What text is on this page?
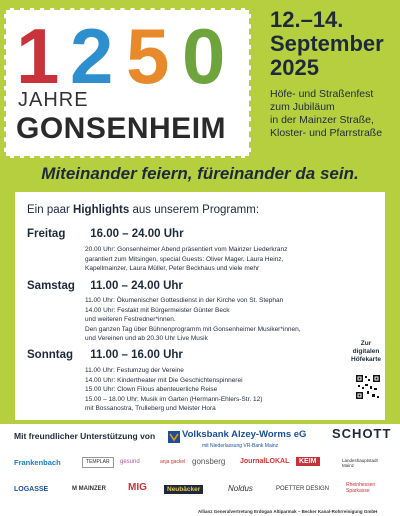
1 2 5 0
JAHRE
GONSENHEIM
12.–14.
September
2025
Höfe- und Straßenfest
zum Jubiläum
in der Mainzer Straße,
Kloster- und Pfarrstraße
Miteinander feiern, füreinander da sein.
Ein paar Highlights aus unserem Programm:
Freitag 16.00 – 24.00 Uhr
20.00 Uhr: Gonsenheimer Abend präsentiert vom Mainzer Liederkranz
garantiert zum Mitsingen, special Guests: Oliver Mager, Laura Heinz,
Kapellmainzer, Laura Müller, Peter Beckhaus und viele mehr
Samstag 11.00 – 24.00 Uhr
11.00 Uhr: Ökumenischer Gottesdienst in der Kirche von St. Stephan
14.00 Uhr: Festakt mit Bürgermeister Günter Beck
und weiteren Festredner*innen.
Den ganzen Tag über Bühnenprogramm mit Gonsenheimer Musiker*innen,
und Vereinen und ab 20.30 Uhr Live Musik
Sonntag 11.00 – 16.00 Uhr
11.00 Uhr: Festumzug der Vereine
14.00 Uhr: Kindertheater mit Die Geschichtenspinnerei
15.00 Uhr: Clown Filous abenteuerliche Reise
15.00 – 18.00 Uhr: Musik im Garten (Hermann-Ehlers-Str. 12)
mit Bossanostra, Trulleberg und Meister Hora
Zur
digitalen
Höfekarte
Mit freundlicher Unterstützung von	Volksbank Alzey-Worms eG
mit Niederlassung VR-Bank Mainz
SCHOTT
Frankenbach	TEMPLAR	gesund	anja gackel gonsberg JournalLOKAL	KEIM	Landeshauptstadt Mainz
LOGASSE	M MAINZER MIG	Neubäcker	Noldus	POETTER DESIGN
Rheinhessen Sparkasse
Allianz Generalvertretung Erdogan Altiparmak – Becker Kanal-Rohrreinigung GmbH
